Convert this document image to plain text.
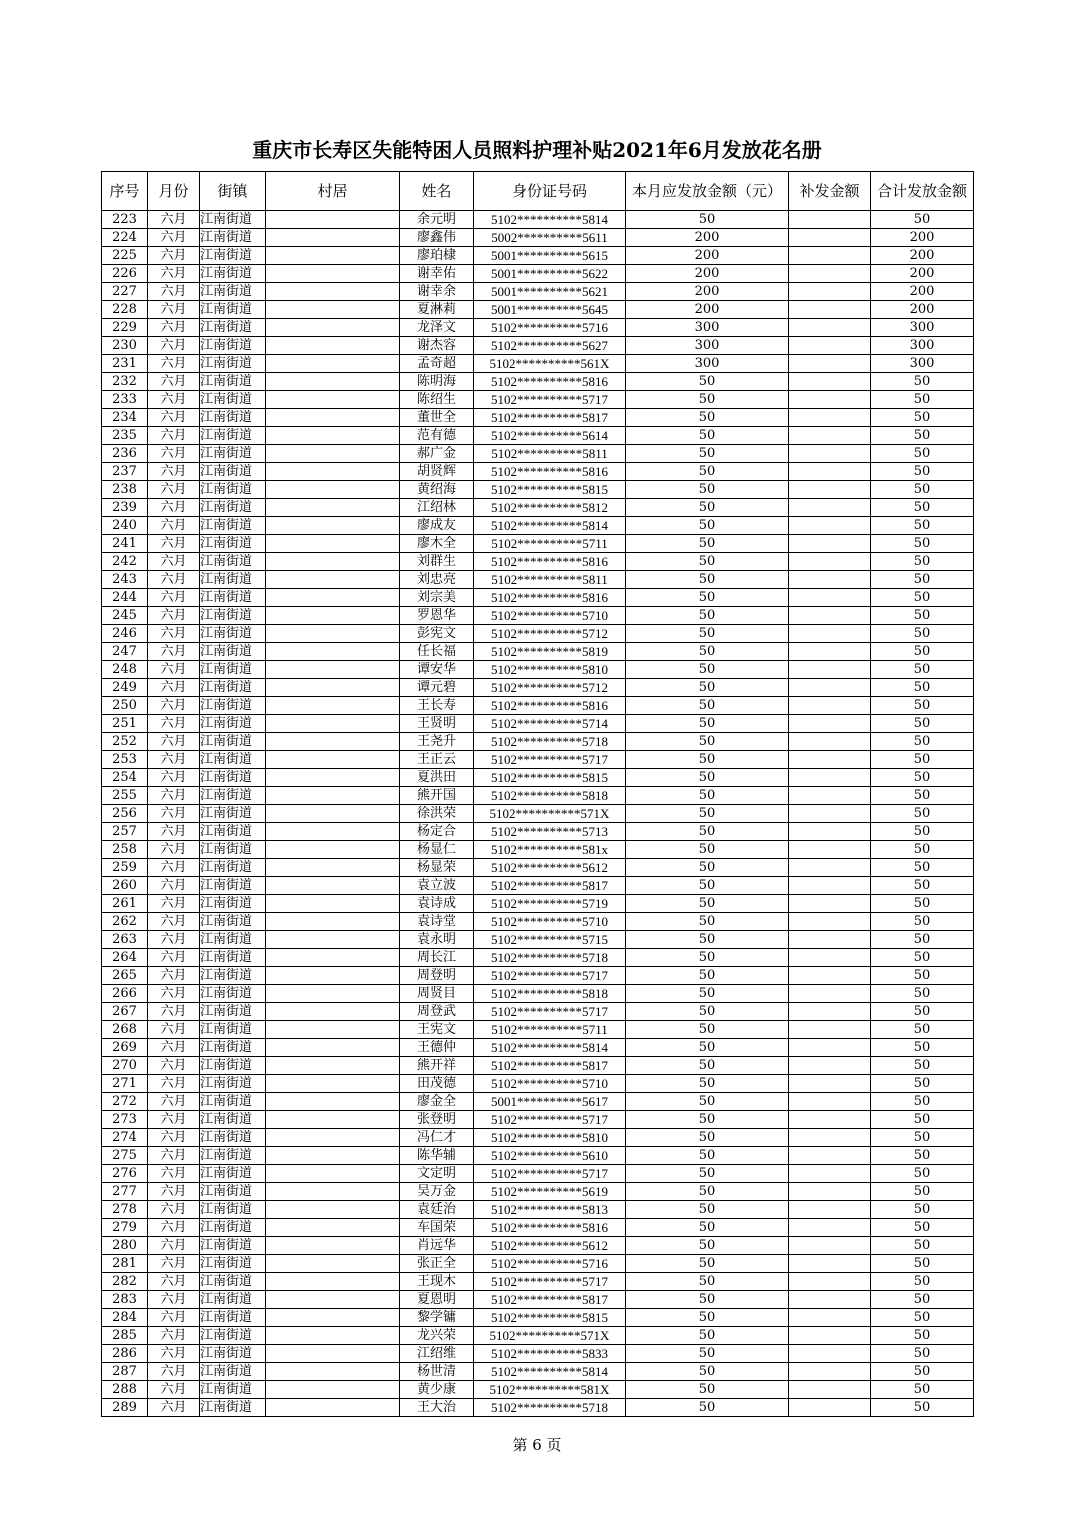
重庆市长寿区失能特困人员照料护理补贴2021年6月发放花名册
序号	月份	街镇	村居	姓名	身份证号码	本月应发放金额（元）	补发金额	合计发放金额
223	六月	江南街道		余元明	5102**********5814	50		50
224	六月	江南街道		廖鑫伟	5002**********5611	200		200
225	六月	江南街道		廖珀棣	5001**********5615	200		200
226	六月	江南街道		谢幸佑	5001**********5622	200		200
227	六月	江南街道		谢幸余	5001**********5621	200		200
228	六月	江南街道		夏淋莉	5001**********5645	200		200
229	六月	江南街道		龙泽文	5102**********5716	300		300
230	六月	江南街道		谢杰容	5102**********5627	300		300
231	六月	江南街道		孟奇超	5102**********561X	300		300
232	六月	江南街道		陈明海	5102**********5816	50		50
233	六月	江南街道		陈绍生	5102**********5717	50		50
234	六月	江南街道		董世全	5102**********5817	50		50
235	六月	江南街道		范有德	5102**********5614	50		50
236	六月	江南街道		郝广金	5102**********5811	50		50
237	六月	江南街道		胡贤辉	5102**********5816	50		50
238	六月	江南街道		黄绍海	5102**********5815	50		50
239	六月	江南街道		江绍林	5102**********5812	50		50
240	六月	江南街道		廖成友	5102**********5814	50		50
241	六月	江南街道		廖木全	5102**********5711	50		50
242	六月	江南街道		刘群生	5102**********5816	50		50
243	六月	江南街道		刘忠亮	5102**********5811	50		50
244	六月	江南街道		刘宗美	5102**********5816	50		50
245	六月	江南街道		罗恩华	5102**********5710	50		50
246	六月	江南街道		彭宪文	5102**********5712	50		50
247	六月	江南街道		任长福	5102**********5819	50		50
248	六月	江南街道		谭安华	5102**********5810	50		50
249	六月	江南街道		谭元碧	5102**********5712	50		50
250	六月	江南街道		王长寿	5102**********5816	50		50
251	六月	江南街道		王贤明	5102**********5714	50		50
252	六月	江南街道		王尧升	5102**********5718	50		50
253	六月	江南街道		王正云	5102**********5717	50		50
254	六月	江南街道		夏洪田	5102**********5815	50		50
255	六月	江南街道		熊开国	5102**********5818	50		50
256	六月	江南街道		徐洪荣	5102**********571X	50		50
257	六月	江南街道		杨定合	5102**********5713	50		50
258	六月	江南街道		杨显仁	5102**********581x	50		50
259	六月	江南街道		杨显荣	5102**********5612	50		50
260	六月	江南街道		袁立波	5102**********5817	50		50
261	六月	江南街道		袁诗成	5102**********5719	50		50
262	六月	江南街道		袁诗堂	5102**********5710	50		50
263	六月	江南街道		袁永明	5102**********5715	50		50
264	六月	江南街道		周长江	5102**********5718	50		50
265	六月	江南街道		周登明	5102**********5717	50		50
266	六月	江南街道		周贤目	5102**********5818	50		50
267	六月	江南街道		周登武	5102**********5717	50		50
268	六月	江南街道		王宪文	5102**********5711	50		50
269	六月	江南街道		王德仲	5102**********5814	50		50
270	六月	江南街道		熊开祥	5102**********5817	50		50
271	六月	江南街道		田茂德	5102**********5710	50		50
272	六月	江南街道		廖金全	5001**********5617	50		50
273	六月	江南街道		张登明	5102**********5717	50		50
274	六月	江南街道		冯仁才	5102**********5810	50		50
275	六月	江南街道		陈华辅	5102**********5610	50		50
276	六月	江南街道		文定明	5102**********5717	50		50
277	六月	江南街道		吴万金	5102**********5619	50		50
278	六月	江南街道		袁廷治	5102**********5813	50		50
279	六月	江南街道		车国荣	5102**********5816	50		50
280	六月	江南街道		肖远华	5102**********5612	50		50
281	六月	江南街道		张正全	5102**********5716	50		50
282	六月	江南街道		王现木	5102**********5717	50		50
283	六月	江南街道		夏恩明	5102**********5817	50		50
284	六月	江南街道		黎学镛	5102**********5815	50		50
285	六月	江南街道		龙兴荣	5102**********571X	50		50
286	六月	江南街道		江绍维	5102**********5833	50		50
287	六月	江南街道		杨世清	5102**********5814	50		50
288	六月	江南街道		黄少康	5102**********581X	50		50
289	六月	江南街道		王大治	5102**********5718	50		50
第 6 页
